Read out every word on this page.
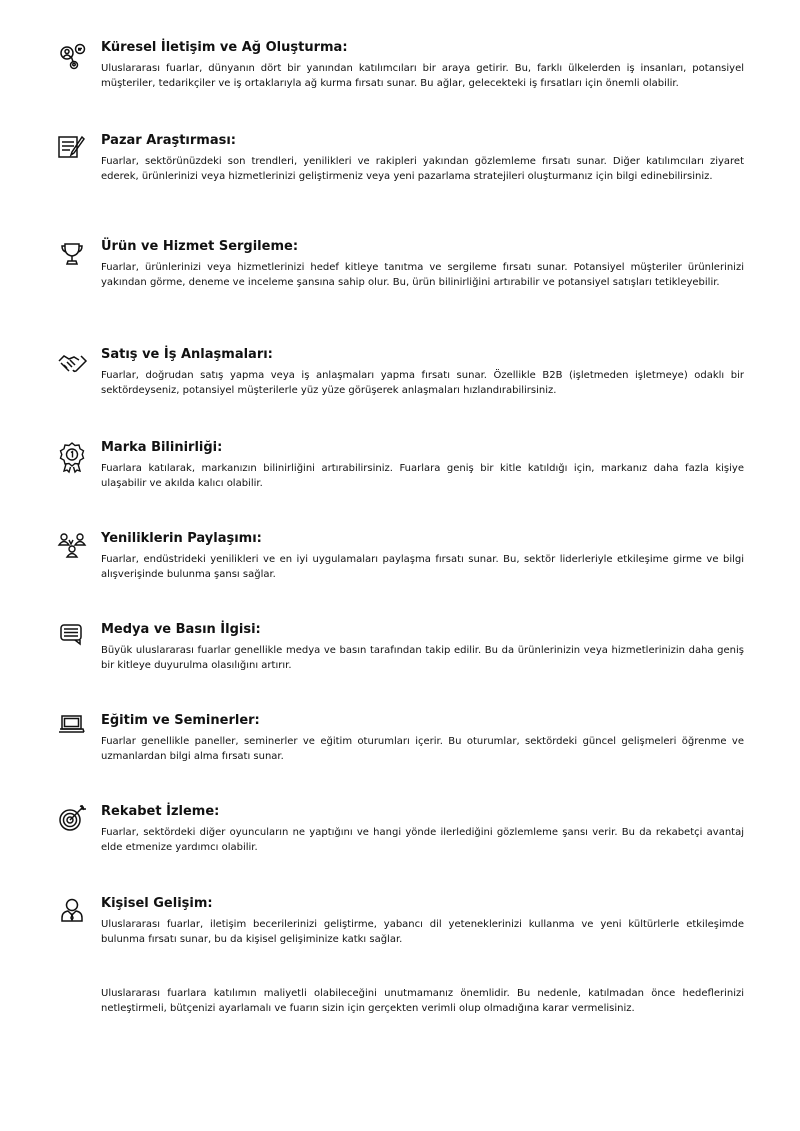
Küresel İletişim ve Ağ Oluşturma:

Uluslararası fuarlar, dünyanın dört bir yanından katılımcıları bir araya getirir. Bu, farklı ülkelerden iş insanları, potansiyel müşteriler, tedarikçiler ve iş ortaklarıyla ağ kurma fırsatı sunar. Bu ağlar, gelecekteki iş fırsatları için önemli olabilir.

Pazar Araştırması:

Fuarlar, sektörünüzdeki son trendleri, yenilikleri ve rakipleri yakından gözlemleme fırsatı sunar. Diğer katılımcıları ziyaret ederek, ürünlerinizi veya hizmetlerinizi geliştirmeniz veya yeni pazarlama stratejileri oluşturmanız için bilgi edinebilirsiniz.

Ürün ve Hizmet Sergileme:

Fuarlar, ürünlerinizi veya hizmetlerinizi hedef kitleye tanıtma ve sergileme fırsatı sunar. Potansiyel müşteriler ürünlerinizi yakından görme, deneme ve inceleme şansına sahip olur. Bu, ürün bilinirliğini artırabilir ve potansiyel satışları tetikleyebilir.

Satış ve İş Anlaşmaları:

Fuarlar, doğrudan satış yapma veya iş anlaşmaları yapma fırsatı sunar. Özellikle B2B (işletmeden işletmeye) odaklı bir sektördeyseniz, potansiyel müşterilerle yüz yüze görüşerek anlaşmaları hızlandırabilirsiniz.

Marka Bilinirliği:

Fuarlara katılarak, markanızın bilinirliğini artırabilirsiniz. Fuarlara geniş bir kitle katıldığı için, markanız daha fazla kişiye ulaşabilir ve akılda kalıcı olabilir.

Yeniliklerin Paylaşımı:

Fuarlar, endüstrideki yenilikleri ve en iyi uygulamaları paylaşma fırsatı sunar. Bu, sektör liderleriyle etkileşime girme ve bilgi alışverişinde bulunma şansı sağlar.

Medya ve Basın İlgisi:

Büyük uluslararası fuarlar genellikle medya ve basın tarafından takip edilir. Bu da ürünlerinizin veya hizmetlerinizin daha geniş bir kitleye duyurulma olasılığını artırır.

Eğitim ve Seminerler:

Fuarlar genellikle paneller, seminerler ve eğitim oturumları içerir. Bu oturumlar, sektördeki güncel gelişmeleri öğrenme ve uzmanlardan bilgi alma fırsatı sunar.

Rekabet İzleme:

Fuarlar, sektördeki diğer oyuncuların ne yaptığını ve hangi yönde ilerlediğini gözlemleme şansı verir. Bu da rekabetçi avantaj elde etmenize yardımcı olabilir.

Kişisel Gelişim:

Uluslararası fuarlar, iletişim becerilerinizi geliştirme, yabancı dil yeteneklerinizi kullanma ve yeni kültürlerle etkileşimde bulunma fırsatı sunar, bu da kişisel gelişiminize katkı sağlar.

Uluslararası fuarlara katılımın maliyetli olabileceğini unutmamanız önemlidir. Bu nedenle, katılmadan önce hedeflerinizi netleştirmeli, bütçenizi ayarlamalı ve fuarın sizin için gerçekten verimli olup olmadığına karar vermelisiniz.
